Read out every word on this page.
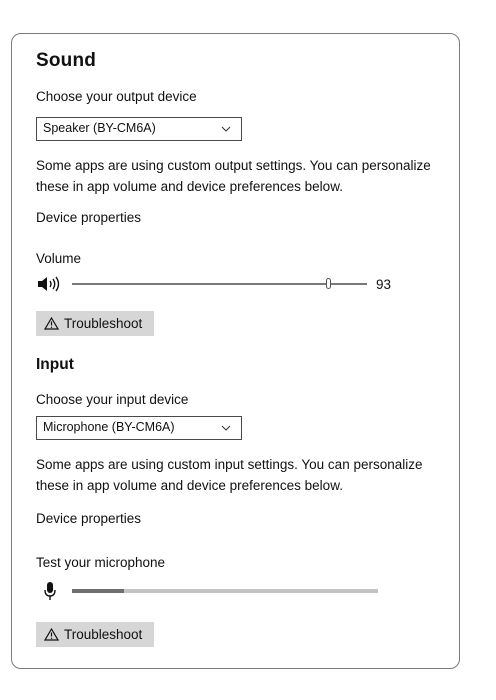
Sound
Choose your output device
Speaker (BY-CM6A)
Some apps are using custom output settings. You can personalize
these in app volume and device preferences below.
Device properties
Volume
93
Troubleshoot
Input
Choose your input device
Microphone (BY-CM6A)
Some apps are using custom input settings. You can personalize
these in app volume and device preferences below.
Device properties
Test your microphone
Troubleshoot
